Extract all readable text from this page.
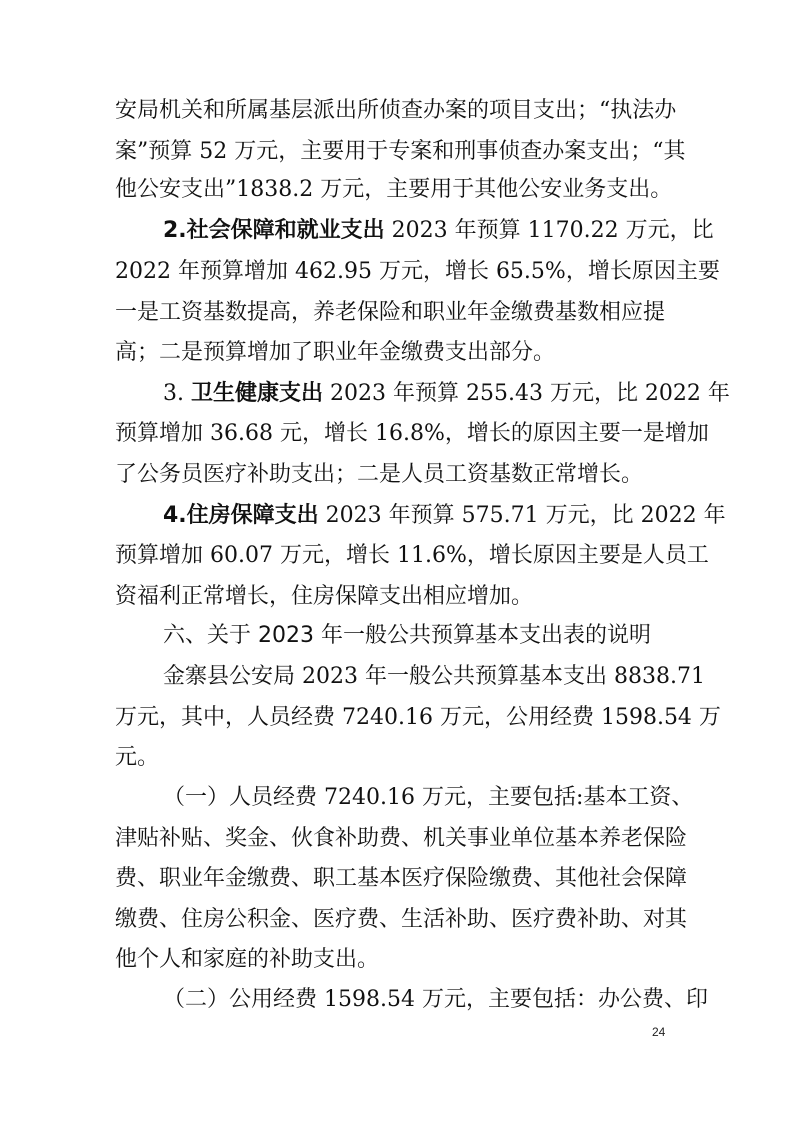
安局机关和所属基层派出所侦查办案的项目支出；“执法办
案”预算 52 万元，主要用于专案和刑事侦查办案支出；“其
他公安支出”1838.2 万元，主要用于其他公安业务支出。
2.社会保障和就业支出 2023 年预算 1170.22 万元，比
2022 年预算增加 462.95 万元，增长 65.5%，增长原因主要
一是工资基数提高，养老保险和职业年金缴费基数相应提
高；二是预算增加了职业年金缴费支出部分。
3. 卫生健康支出 2023 年预算 255.43 万元，比 2022 年
预算增加 36.68 元，增长 16.8%，增长的原因主要一是增加
了公务员医疗补助支出；二是人员工资基数正常增长。
4.住房保障支出 2023 年预算 575.71 万元，比 2022 年
预算增加 60.07 万元，增长 11.6%，增长原因主要是人员工
资福利正常增长，住房保障支出相应增加。
六、关于 2023 年一般公共预算基本支出表的说明
金寨县公安局 2023 年一般公共预算基本支出 8838.71
万元，其中，人员经费 7240.16 万元，公用经费 1598.54 万
元。
（一）人员经费 7240.16 万元，主要包括:基本工资、
津贴补贴、奖金、伙食补助费、机关事业单位基本养老保险
费、职业年金缴费、职工基本医疗保险缴费、其他社会保障
缴费、住房公积金、医疗费、生活补助、医疗费补助、对其
他个人和家庭的补助支出。
（二）公用经费 1598.54 万元，主要包括：办公费、印
24
